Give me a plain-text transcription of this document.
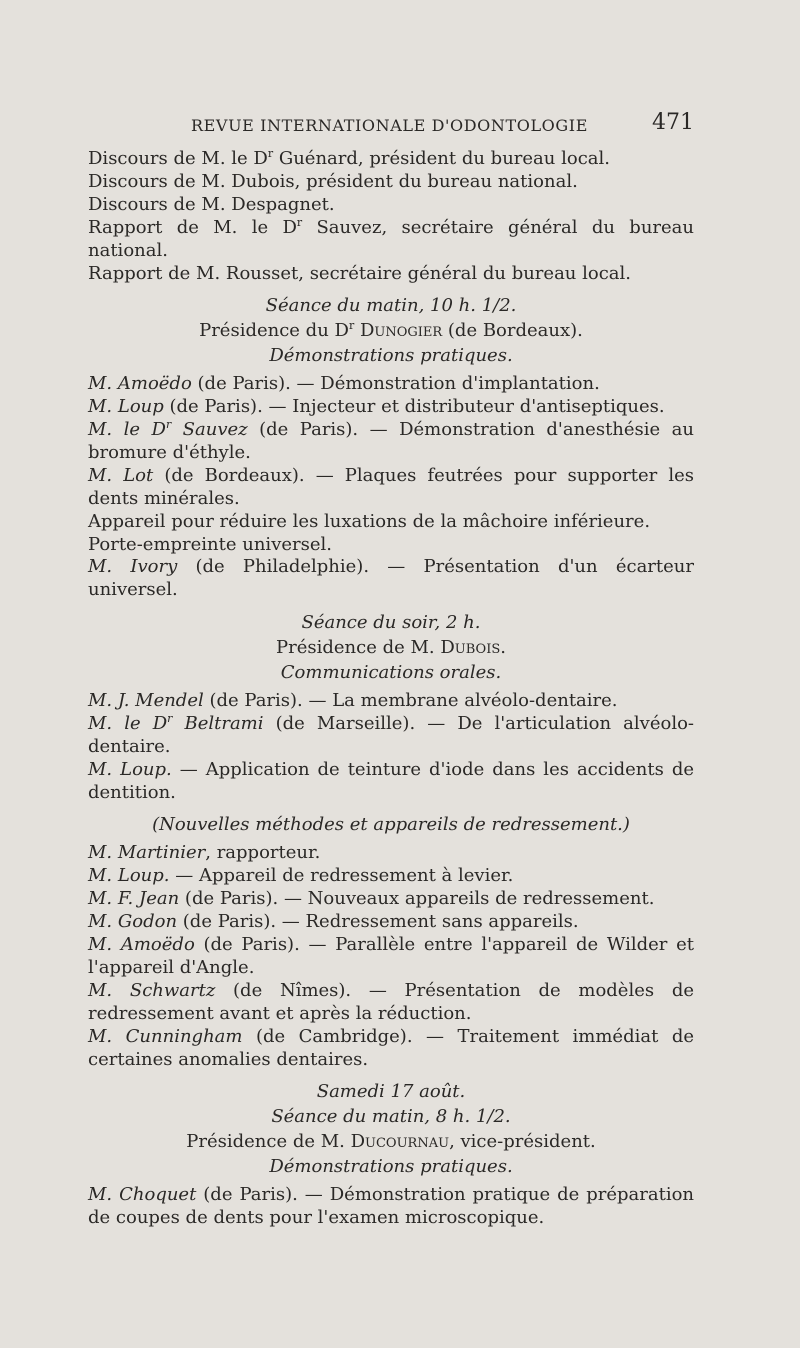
REVUE INTERNATIONALE D'ODONTOLOGIE	471

Discours de M. le $D^r$ Guénard, président du bureau local.

Discours de M. Dubois, président du bureau national.

Discours de M. Despagnet.

Rapport de M. le $D^r$ Sauvez, secrétaire général du bureau national.

Rapport de M. Rousset, secrétaire général du bureau local.

Séance du matin, 10 h. 1/2.

Présidence du $D^r$ Dunogier (de Bordeaux).

Démonstrations pratiques.

M. Amoëdo (de Paris). — Démonstration d'implantation.

M. Loup (de Paris). — Injecteur et distributeur d'antiseptiques.

M. le $D^r$ Sauvez (de Paris). — Démonstration d'anesthésie au bromure d'éthyle.

M. Lot (de Bordeaux). — Plaques feutrées pour supporter les dents minérales.

Appareil pour réduire les luxations de la mâchoire inférieure.

Porte-empreinte universel.

M. Ivory (de Philadelphie). — Présentation d'un écarteur universel.

Séance du soir, 2 h.

Présidence de M. Dubois.

Communications orales.

M. J. Mendel (de Paris). — La membrane alvéolo-dentaire.

M. le $D^r$ Beltrami (de Marseille). — De l'articulation alvéolo-dentaire.

M. Loup. — Application de teinture d'iode dans les accidents de dentition.

(Nouvelles méthodes et appareils de redressement.)

M. Martinier, rapporteur.

M. Loup. — Appareil de redressement à levier.

M. F. Jean (de Paris). — Nouveaux appareils de redressement.

M. Godon (de Paris). — Redressement sans appareils.

M. Amoëdo (de Paris). — Parallèle entre l'appareil de Wilder et l'appareil d'Angle.

M. Schwartz (de Nîmes). — Présentation de modèles de redressement avant et après la réduction.

M. Cunningham (de Cambridge). — Traitement immédiat de certaines anomalies dentaires.

Samedi 17 août.

Séance du matin, 8 h. 1/2.

Présidence de M. Ducournau, vice-président.

Démonstrations pratiques.

M. Choquet (de Paris). — Démonstration pratique de préparation de coupes de dents pour l'examen microscopique.
